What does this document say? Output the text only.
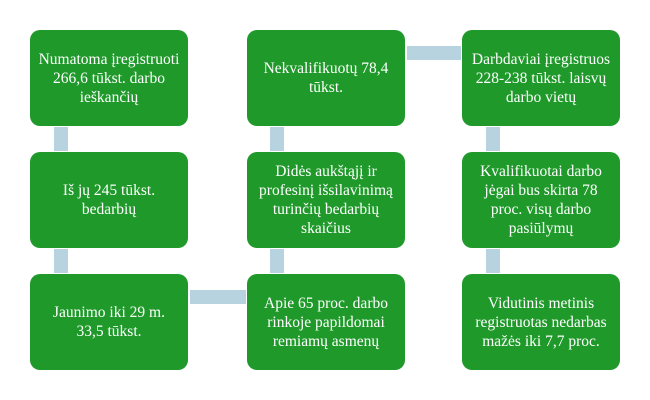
Numatoma įregistruoti 266,6 tūkst. darbo ieškančių
Iš jų 245 tūkst. bedarbių
Jaunimo iki 29 m. 33,5 tūkst.
Nekvalifikuotų 78,4 tūkst.
Didės aukštąjį ir profesinį išsilavinimą turinčių bedarbių skaičius
Apie 65 proc. darbo rinkoje papildomai remiamų asmenų
Darbdaviai įregistruos 228-238 tūkst. laisvų darbo vietų
Kvalifikuotai darbo jėgai bus skirta 78 proc. visų darbo pasiūlymų
Vidutinis metinis registruotas nedarbas mažės iki 7,7 proc.
